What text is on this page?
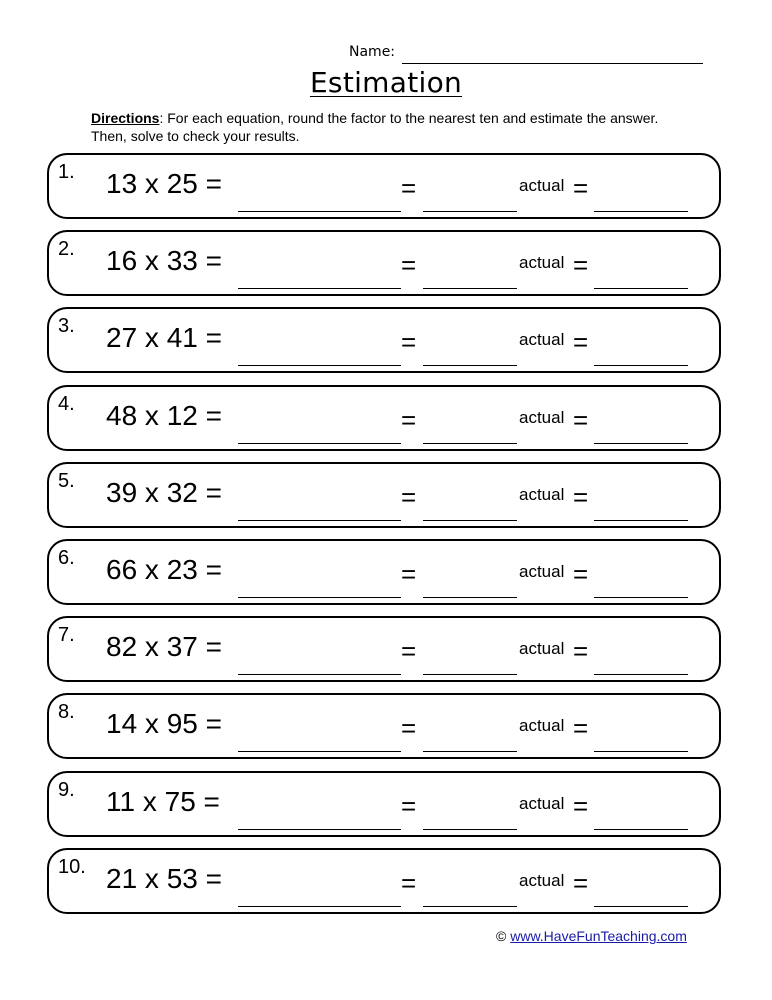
Name:
Estimation
Directions: For each equation, round the factor to the nearest ten and estimate the answer. Then, solve to check your results.
1. 13 x 25 =	=	actual =
2. 16 x 33 =	=	actual =
3. 27 x 41 =	=	actual =
4. 48 x 12 =	=	actual =
5. 39 x 32 =	=	actual =
6. 66 x 23 =	=	actual =
7. 82 x 37 =	=	actual =
8. 14 x 95 =	=	actual =
9. 11 x 75 =	=	actual =
10. 21 x 53 =	=	actual =
© www.HaveFunTeaching.com
